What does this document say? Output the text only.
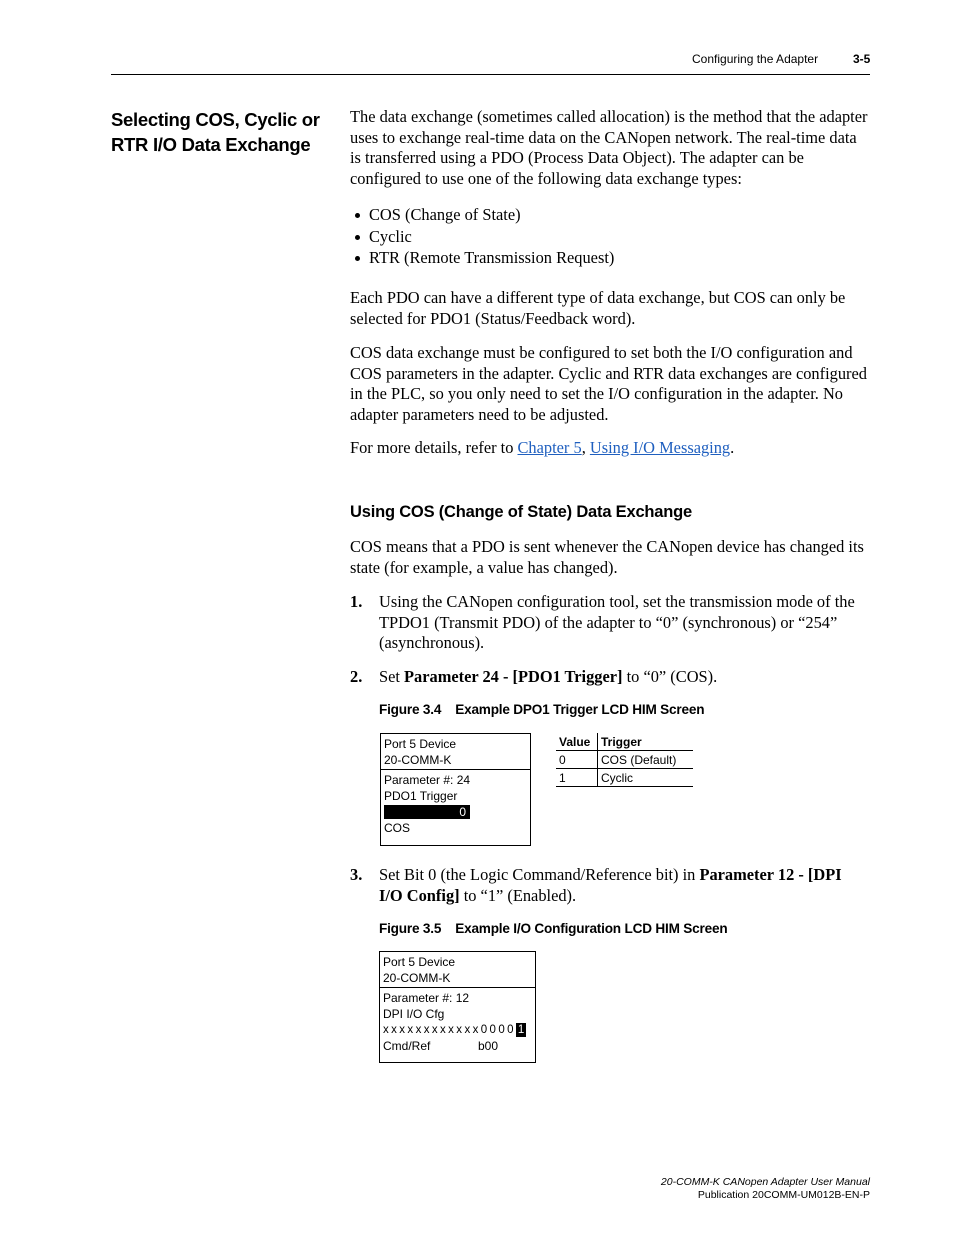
Configuring the Adapter	3-5
Selecting COS, Cyclic or
RTR I/O Data Exchange
The data exchange (sometimes called allocation) is the method that the adapter uses to exchange real-time data on the CANopen network. The real-time data is transferred using a PDO (Process Data Object). The adapter can be configured to use one of the following data exchange types:
COS (Change of State)
Cyclic
RTR (Remote Transmission Request)
Each PDO can have a different type of data exchange, but COS can only be selected for PDO1 (Status/Feedback word).
COS data exchange must be configured to set both the I/O configuration and COS parameters in the adapter. Cyclic and RTR data exchanges are configured in the PLC, so you only need to set the I/O configuration in the adapter. No adapter parameters need to be adjusted.
For more details, refer to Chapter 5, Using I/O Messaging.
Using COS (Change of State) Data Exchange
COS means that a PDO is sent whenever the CANopen device has changed its state (for example, a value has changed).
1. Using the CANopen configuration tool, set the transmission mode of the TPDO1 (Transmit PDO) of the adapter to “0” (synchronous) or “254” (asynchronous).
2. Set Parameter 24 - [PDO1 Trigger] to “0” (COS).
Figure 3.4 Example DPO1 Trigger LCD HIM Screen
Port 5 Device
20-COMM-K
Parameter #: 24
PDO1 Trigger
0
COS
Value	Trigger
0	COS (Default)
1	Cyclic
3. Set Bit 0 (the Logic Command/Reference bit) in Parameter 12 - [DPI I/O Config] to “1” (Enabled).
Figure 3.5 Example I/O Configuration LCD HIM Screen
Port 5 Device
20-COMM-K
Parameter #: 12
DPI I/O Cfg
x x x x x x x x x x x x 0 0 0 0 1
Cmd/Ref	b00
20-COMM-K CANopen Adapter User Manual
Publication 20COMM-UM012B-EN-P
